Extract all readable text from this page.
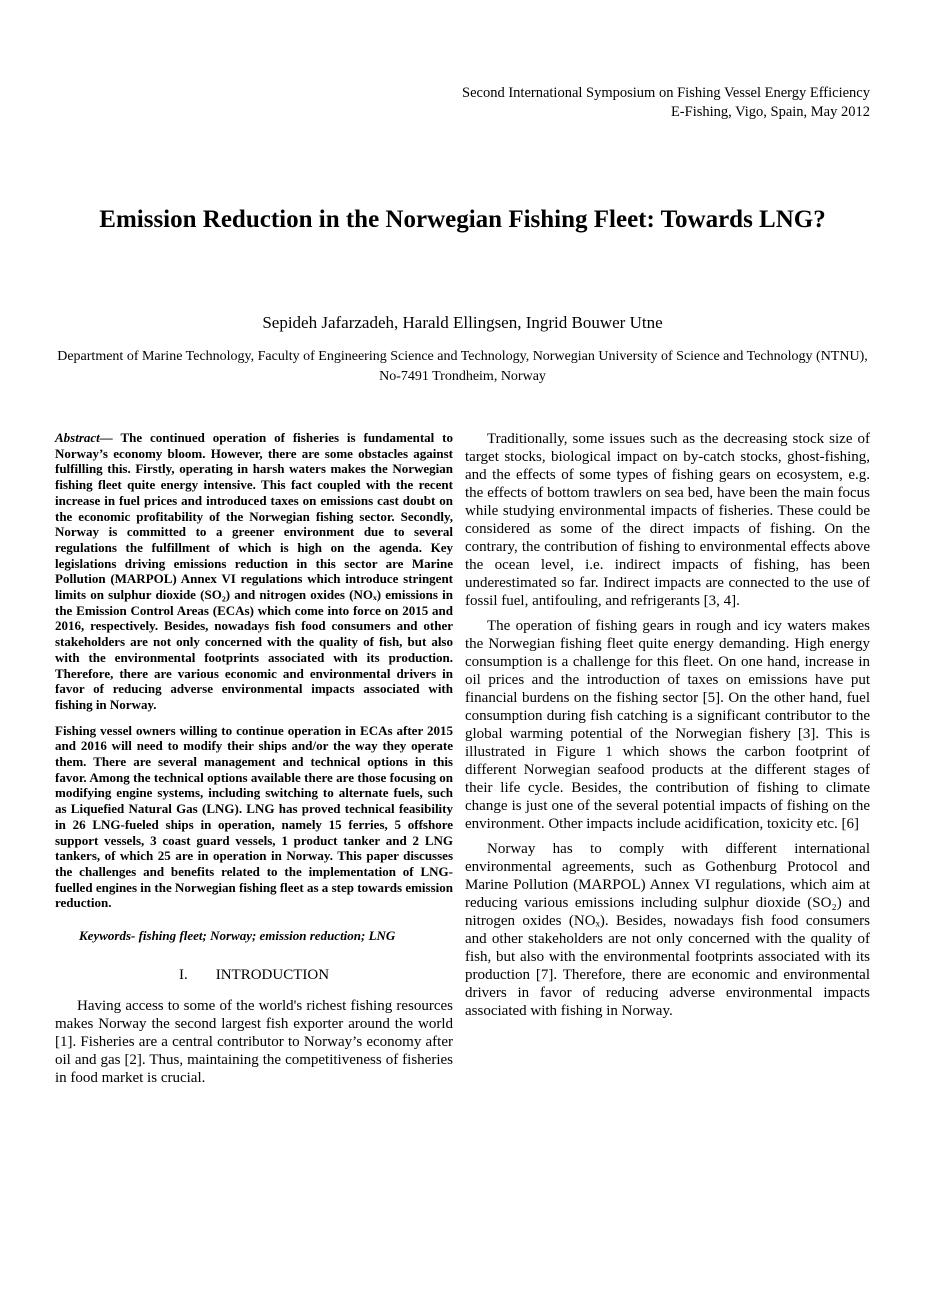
Second International Symposium on Fishing Vessel Energy Efficiency
E-Fishing, Vigo, Spain, May 2012
Emission Reduction in the Norwegian Fishing Fleet: Towards LNG?
Sepideh Jafarzadeh, Harald Ellingsen, Ingrid Bouwer Utne
Department of Marine Technology, Faculty of Engineering Science and Technology, Norwegian University of Science and Technology (NTNU), No-7491 Trondheim, Norway

Abstract— The continued operation of fisheries is fundamental to Norway’s economy bloom. However, there are some obstacles against fulfilling this. Firstly, operating in harsh waters makes the Norwegian fishing fleet quite energy intensive. This fact coupled with the recent increase in fuel prices and introduced taxes on emissions cast doubt on the economic profitability of the Norwegian fishing sector. Secondly, Norway is committed to a greener environment due to several regulations the fulfillment of which is high on the agenda. Key legislations driving emissions reduction in this sector are Marine Pollution (MARPOL) Annex VI regulations which introduce stringent limits on sulphur dioxide (SO₂) and nitrogen oxides (NOₓ) emissions in the Emission Control Areas (ECAs) which come into force on 2015 and 2016, respectively. Besides, nowadays fish food consumers and other stakeholders are not only concerned with the quality of fish, but also with the environmental footprints associated with its production. Therefore, there are various economic and environmental drivers in favor of reducing adverse environmental impacts associated with fishing in Norway.

Fishing vessel owners willing to continue operation in ECAs after 2015 and 2016 will need to modify their ships and/or the way they operate them. There are several management and technical options in this favor. Among the technical options available there are those focusing on modifying engine systems, including switching to alternate fuels, such as Liquefied Natural Gas (LNG). LNG has proved technical feasibility in 26 LNG-fueled ships in operation, namely 15 ferries, 5 offshore support vessels, 3 coast guard vessels, 1 product tanker and 2 LNG tankers, of which 25 are in operation in Norway. This paper discusses the challenges and benefits related to the implementation of LNG-fuelled engines in the Norwegian fishing fleet as a step towards emission reduction.

Keywords- fishing fleet; Norway; emission reduction; LNG

I. INTRODUCTION

Having access to some of the world's richest fishing resources makes Norway the second largest fish exporter around the world [1]. Fisheries are a central contributor to Norway’s economy after oil and gas [2]. Thus, maintaining the competitiveness of fisheries in food market is crucial.

Traditionally, some issues such as the decreasing stock size of target stocks, biological impact on by-catch stocks, ghost-fishing, and the effects of some types of fishing gears on ecosystem, e.g. the effects of bottom trawlers on sea bed, have been the main focus while studying environmental impacts of fisheries. These could be considered as some of the direct impacts of fishing. On the contrary, the contribution of fishing to environmental effects above the ocean level, i.e. indirect impacts of fishing, has been underestimated so far. Indirect impacts are connected to the use of fossil fuel, antifouling, and refrigerants [3, 4].

The operation of fishing gears in rough and icy waters makes the Norwegian fishing fleet quite energy demanding. High energy consumption is a challenge for this fleet. On one hand, increase in oil prices and the introduction of taxes on emissions have put financial burdens on the fishing sector [5]. On the other hand, fuel consumption during fish catching is a significant contributor to the global warming potential of the Norwegian fishery [3]. This is illustrated in Figure 1 which shows the carbon footprint of different Norwegian seafood products at the different stages of their life cycle. Besides, the contribution of fishing to climate change is just one of the several potential impacts of fishing on the environment. Other impacts include acidification, toxicity etc. [6]

Norway has to comply with different international environmental agreements, such as Gothenburg Protocol and Marine Pollution (MARPOL) Annex VI regulations, which aim at reducing various emissions including sulphur dioxide (SO₂) and nitrogen oxides (NOₓ). Besides, nowadays fish food consumers and other stakeholders are not only concerned with the quality of fish, but also with the environmental footprints associated with its production [7]. Therefore, there are economic and environmental drivers in favor of reducing adverse environmental impacts associated with fishing in Norway.
